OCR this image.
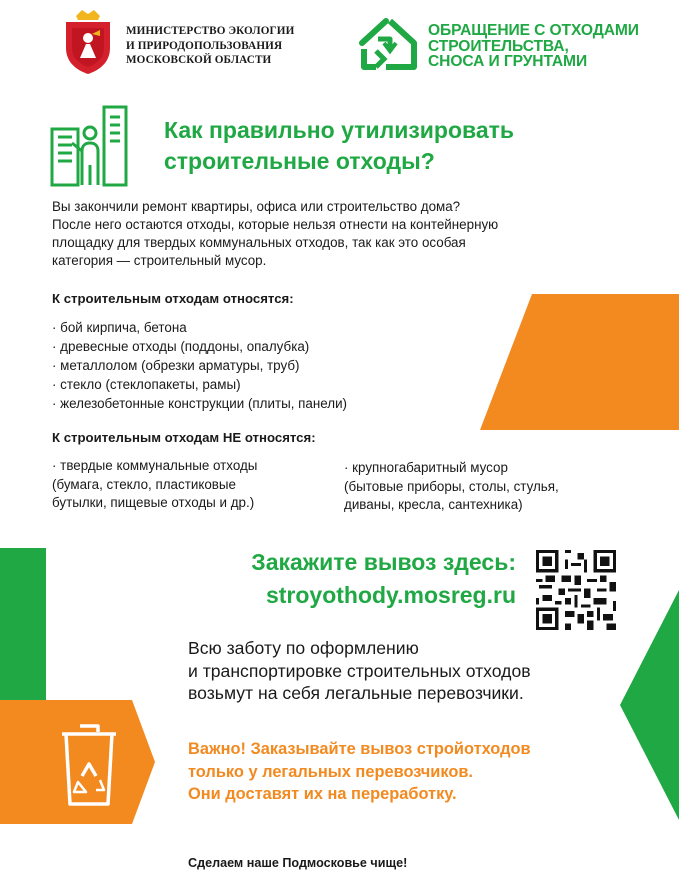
МИНИСТЕРСТВО ЭКОЛОГИИ
И ПРИРОДОПОЛЬЗОВАНИЯ
МОСКОВСКОЙ ОБЛАСТИ
ОБРАЩЕНИЕ С ОТХОДАМИ
СТРОИТЕЛЬСТВА,
СНОСА И ГРУНТАМИ
Как правильно утилизировать
строительные отходы?
Вы закончили ремонт квартиры, офиса или строительство дома?
После него остаются отходы, которые нельзя отнести на контейнерную
площадку для твердых коммунальных отходов, так как это особая
категория — строительный мусор.
К строительным отходам относятся:
· бой кирпича, бетона
· древесные отходы (поддоны, опалубка)
· металлолом (обрезки арматуры, труб)
· стекло (стеклопакеты, рамы)
· железобетонные конструкции (плиты, панели)
К строительным отходам НЕ относятся:
· твердые коммунальные отходы
(бумага, стекло, пластиковые
бутылки, пищевые отходы и др.)
· крупногабаритный мусор
(бытовые приборы, столы, стулья,
диваны, кресла, сантехника)
Закажите вывоз здесь:
stroyothody.mosreg.ru
Всю заботу по оформлению
и транспортировке строительных отходов
возьмут на себя легальные перевозчики.
Важно! Заказывайте вывоз стройотходов
только у легальных перевозчиков.
Они доставят их на переработку.
Сделаем наше Подмосковье чище!
